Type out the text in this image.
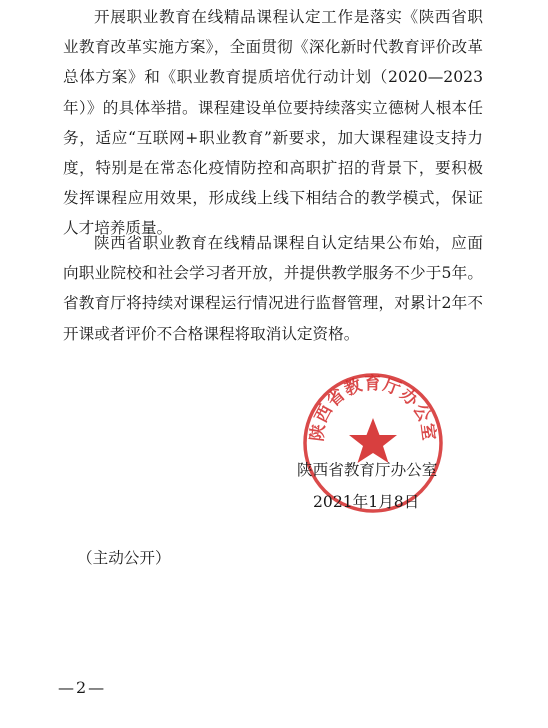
开展职业教育在线精品课程认定工作是落实《陕西省职业教育改革实施方案》，全面贯彻《深化新时代教育评价改革总体方案》和《职业教育提质培优行动计划（2020—2023年）》的具体举措。课程建设单位要持续落实立德树人根本任务，适应“互联网+职业教育”新要求，加大课程建设支持力度，特别是在常态化疫情防控和高职扩招的背景下，要积极发挥课程应用效果，形成线上线下相结合的教学模式，保证人才培养质量。

陕西省职业教育在线精品课程自认定结果公布始，应面向职业院校和社会学习者开放，并提供教学服务不少于5年。省教育厅将持续对课程运行情况进行监督管理，对累计2年不开课或者评价不合格课程将取消认定资格。

陕西省教育厅办公室
陕西省教育厅办公室
2021年1月8日
（主动公开）
—2—
